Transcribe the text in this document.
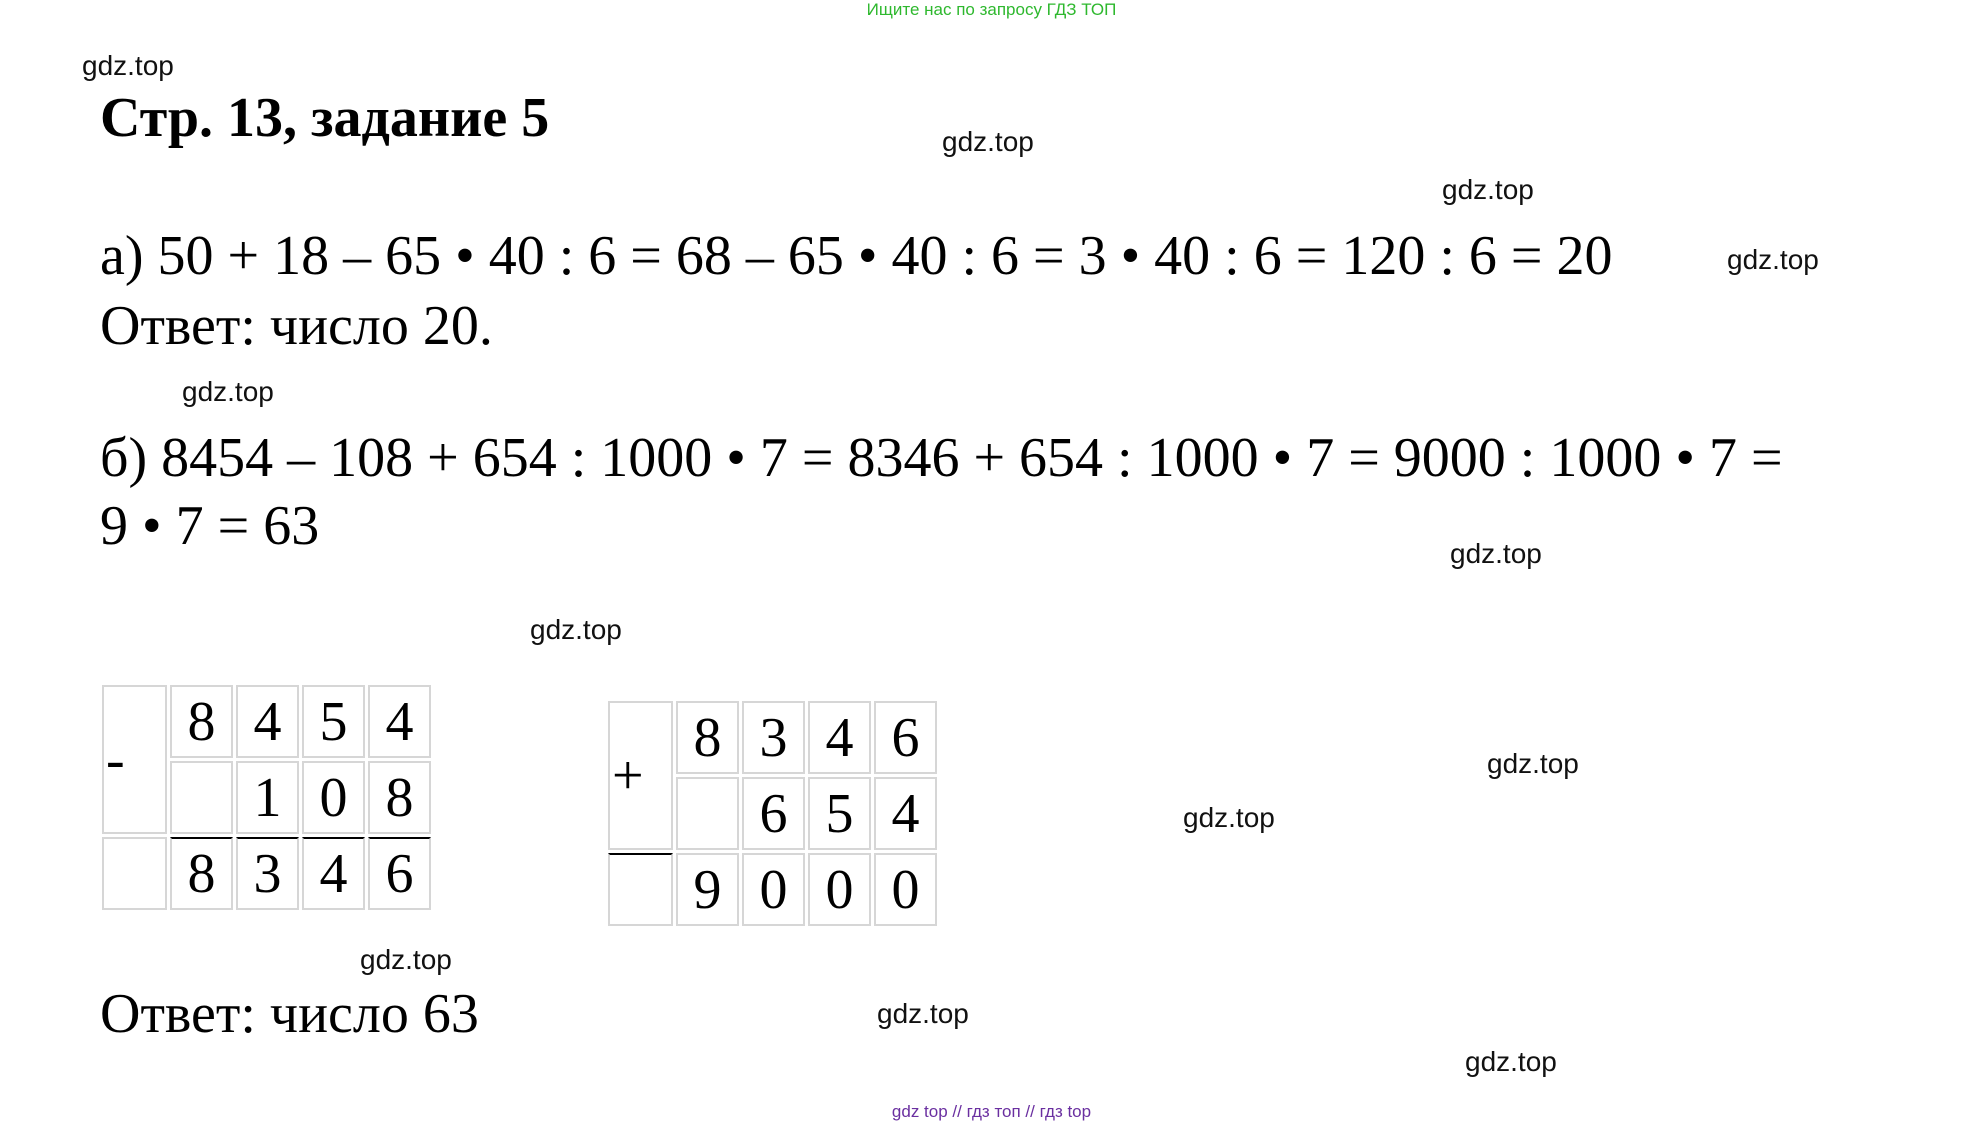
Ищите нас по запросу ГДЗ ТОП
Стр. 13, задание 5
а) 50 + 18 – 65 • 40 : 6 = 68 – 65 • 40 : 6 = 3 • 40 : 6 = 120 : 6 = 20
Ответ: число 20.
б) 8454 – 108 + 654 : 1000 • 7 = 8346 + 654 : 1000 • 7 = 9000 : 1000 • 7 =
9 • 7 = 63
-	8	4	5	4
		1	0	8
	8	3	4	6
+	8	3	4	6
		6	5	4
	9	0	0	0
Ответ: число 63
gdz.top
gdz.top
gdz.top
gdz.top
gdz.top
gdz.top
gdz.top
gdz.top
gdz.top
gdz.top
gdz.top
gdz.top
gdz top // гдз топ // гдз top
